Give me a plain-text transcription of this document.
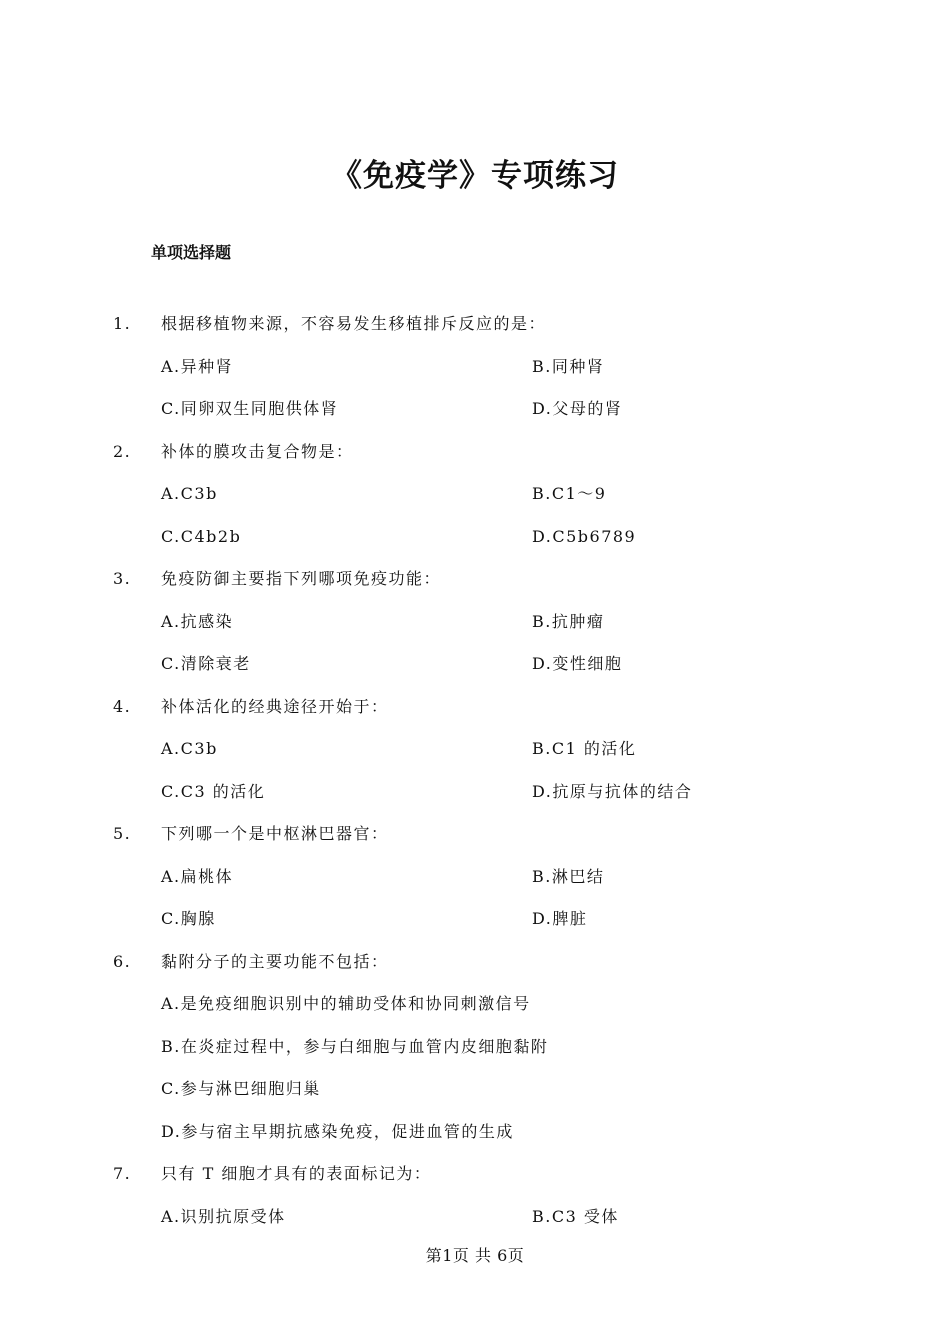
《免疫学》专项练习
单项选择题
1. 根据移植物来源，不容易发生移植排斥反应的是：
A.异种肾	B.同种肾
C.同卵双生同胞供体肾	D.父母的肾
2. 补体的膜攻击复合物是：
A.C3b	B.C1～9
C.C4b2b	D.C5b6789
3. 免疫防御主要指下列哪项免疫功能：
A.抗感染	B.抗肿瘤
C.清除衰老	D.变性细胞
4. 补体活化的经典途径开始于：
A.C3b	B.C1 的活化
C.C3 的活化	D.抗原与抗体的结合
5. 下列哪一个是中枢淋巴器官：
A.扁桃体	B.淋巴结
C.胸腺	D.脾脏
6. 黏附分子的主要功能不包括：
A.是免疫细胞识别中的辅助受体和协同刺激信号
B.在炎症过程中，参与白细胞与血管内皮细胞黏附
C.参与淋巴细胞归巢
D.参与宿主早期抗感染免疫，促进血管的生成
7. 只有 T 细胞才具有的表面标记为：
A.识别抗原受体	B.C3 受体
第1页 共 6页
